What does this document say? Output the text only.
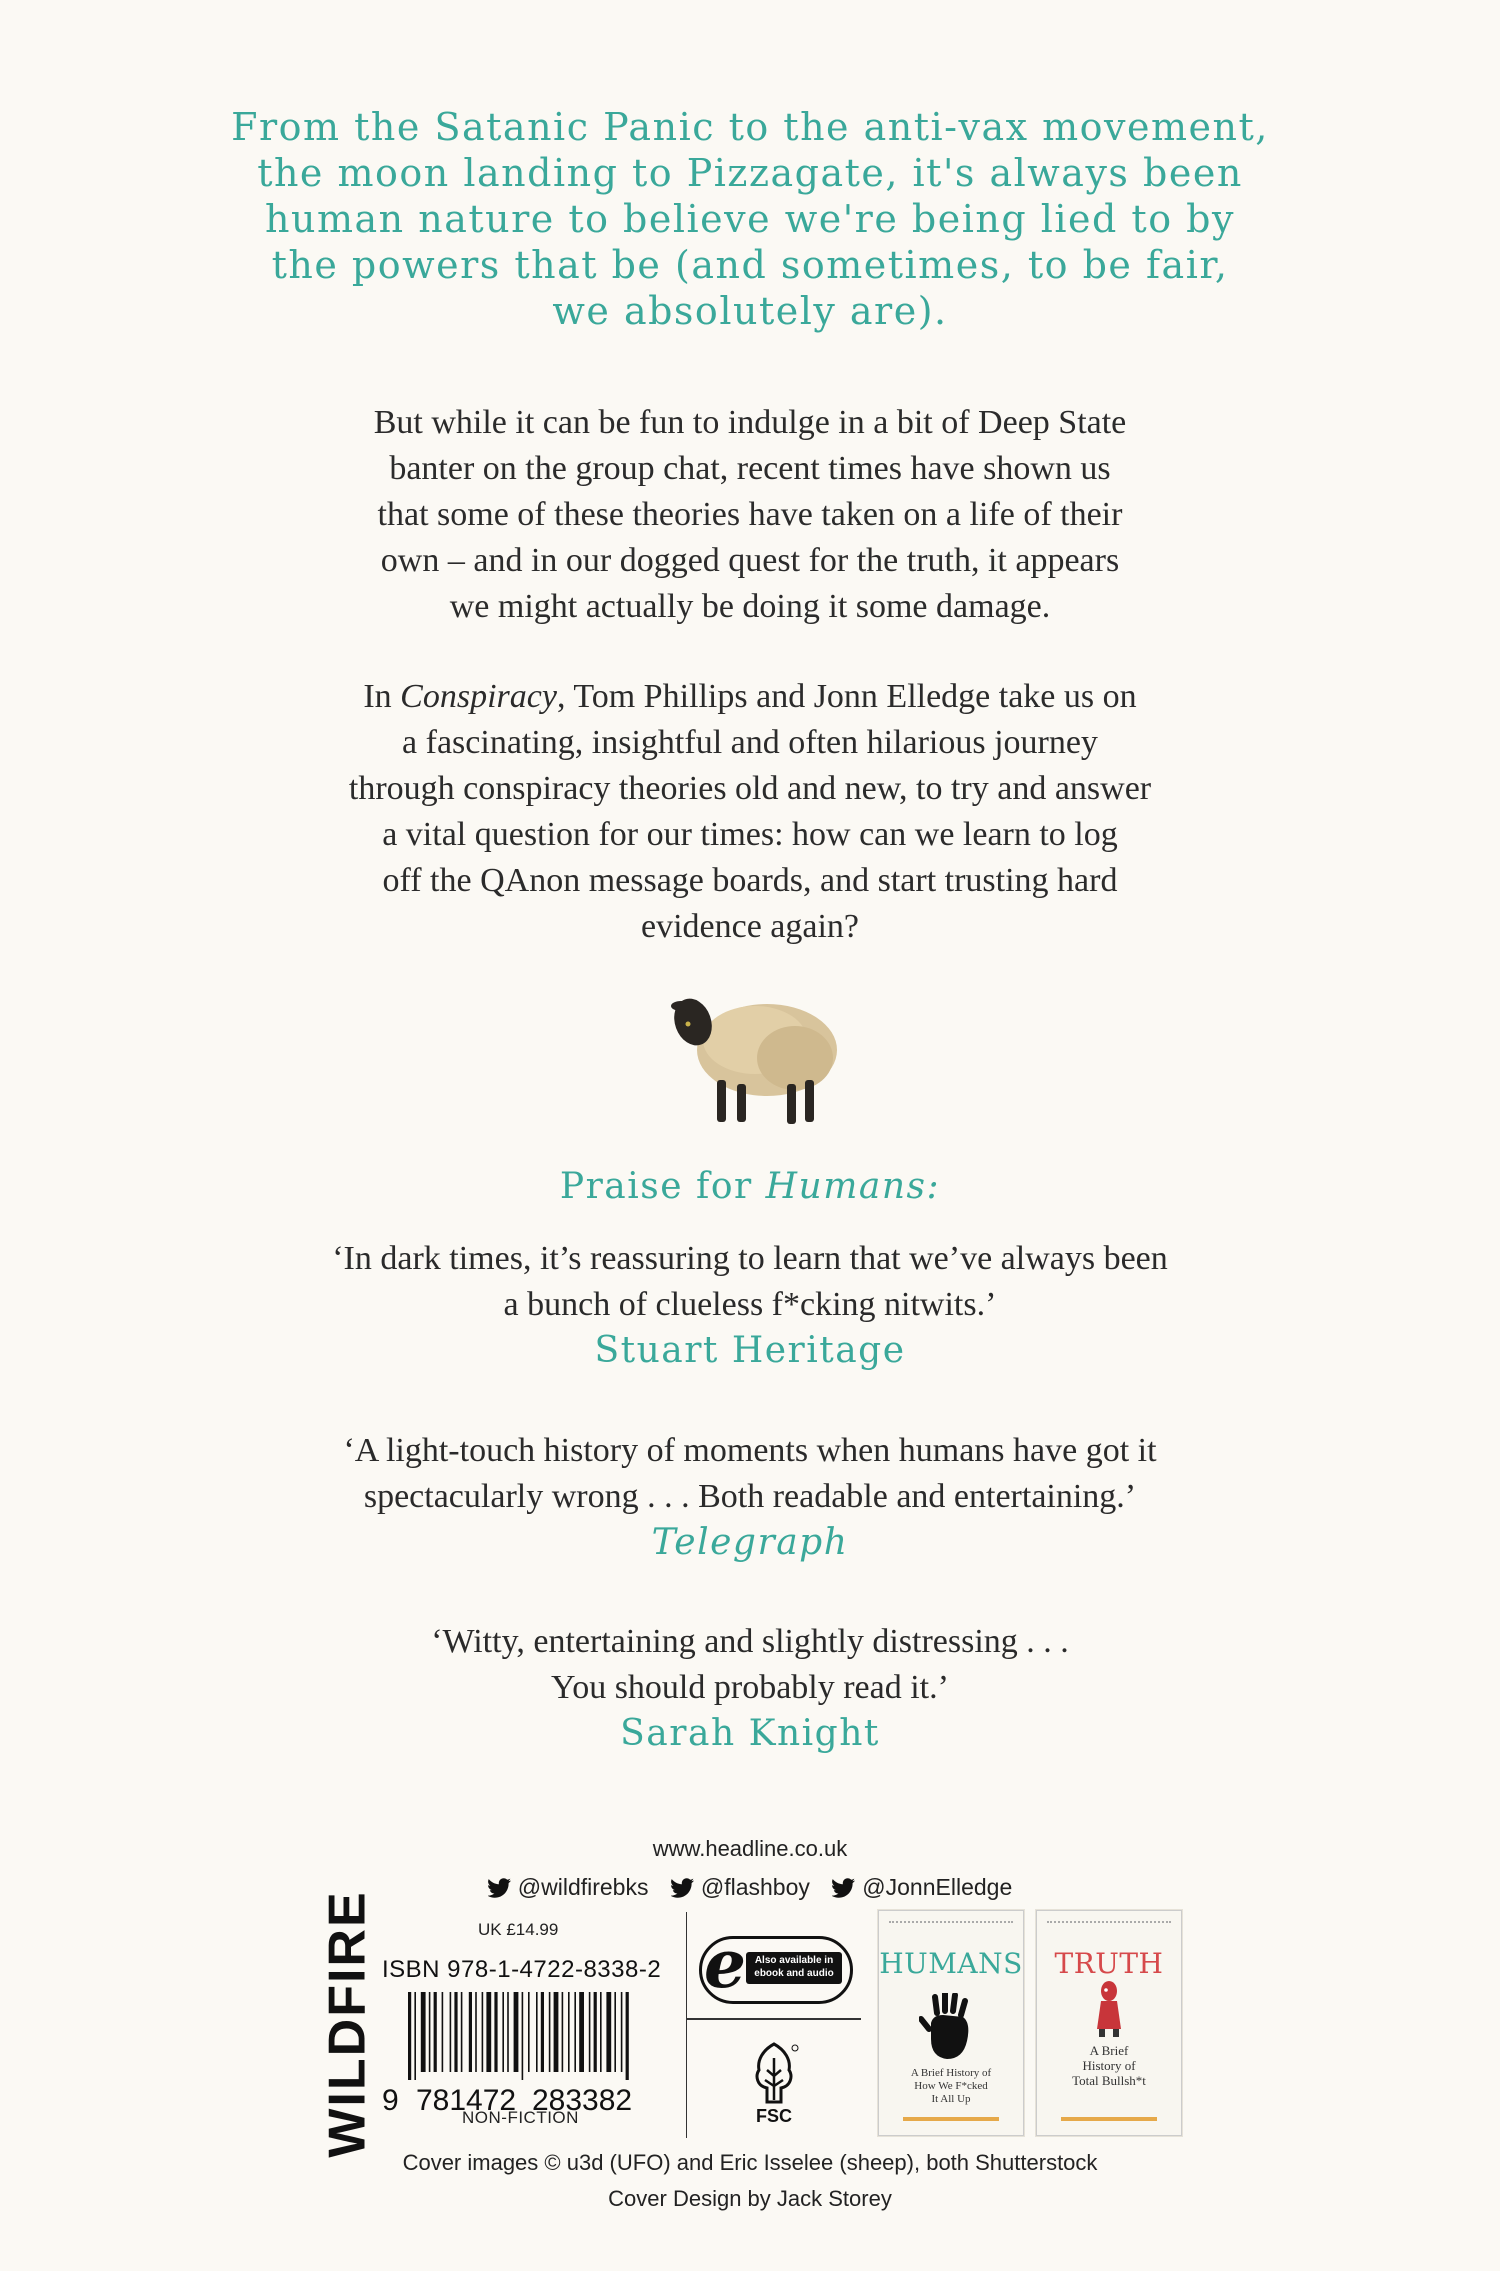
From the Satanic Panic to the anti-vax movement,
the moon landing to Pizzagate, it's always been
human nature to believe we're being lied to by
the powers that be (and sometimes, to be fair,
we absolutely are).
But while it can be fun to indulge in a bit of Deep State
banter on the group chat, recent times have shown us
that some of these theories have taken on a life of their
own – and in our dogged quest for the truth, it appears
we might actually be doing it some damage.
In Conspiracy, Tom Phillips and Jonn Elledge take us on
a fascinating, insightful and often hilarious journey
through conspiracy theories old and new, to try and answer
a vital question for our times: how can we learn to log
off the QAnon message boards, and start trusting hard
evidence again?
Praise for Humans:
‘In dark times, it’s reassuring to learn that we’ve always been
a bunch of clueless f*cking nitwits.’
Stuart Heritage
‘A light-touch history of moments when humans have got it
spectacularly wrong . . . Both readable and entertaining.’
Telegraph
‘Witty, entertaining and slightly distressing . . .
You should probably read it.’
Sarah Knight
www.headline.co.uk
@wildfirebks @flashboy @JonnElledge
WILDFIRE	UK £14.99
ISBN 978-1-4722-8338-2
9 781472 283382
NON-FICTION
e Also available in ebook and audio
FSC
HUMANS
A Brief History of
How We F*cked
It All Up
TRUTH
A Brief
History of
Total Bullsh*t
Cover images © u3d (UFO) and Eric Isselee (sheep), both Shutterstock
Cover Design by Jack Storey
